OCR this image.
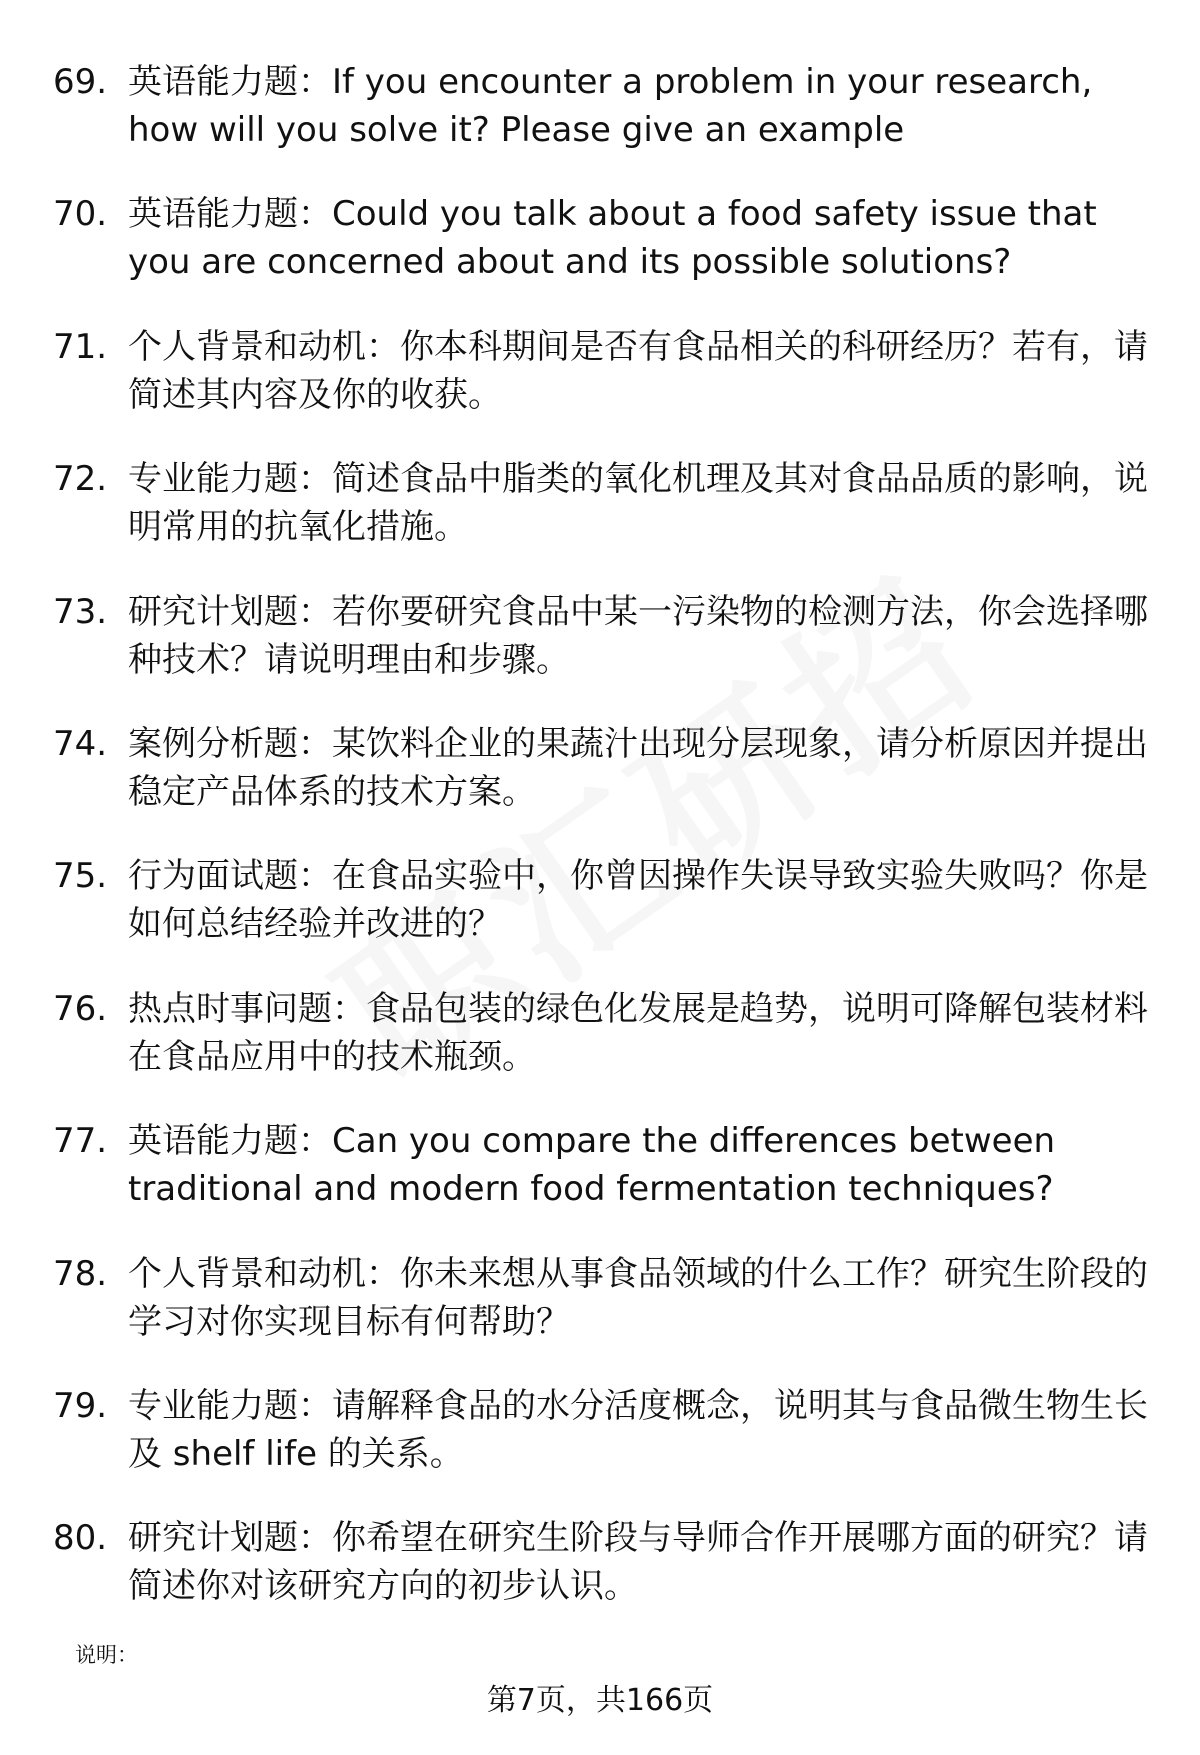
69. 英语能力题：If you encounter a problem in your research, how will you solve it? Please give an example
70. 英语能力题：Could you talk about a food safety issue that you are concerned about and its possible solutions?
71. 个人背景和动机：你本科期间是否有食品相关的科研经历？若有，请简述其内容及你的收获。
72. 专业能力题：简述食品中脂类的氧化机理及其对食品品质的影响，说明常用的抗氧化措施。
73. 研究计划题：若你要研究食品中某一污染物的检测方法，你会选择哪种技术？请说明理由和步骤。
74. 案例分析题：某饮料企业的果蔬汁出现分层现象，请分析原因并提出稳定产品体系的技术方案。
75. 行为面试题：在食品实验中，你曾因操作失误导致实验失败吗？你是如何总结经验并改进的？
76. 热点时事问题：食品包装的绿色化发展是趋势，说明可降解包装材料在食品应用中的技术瓶颈。
77. 英语能力题：Can you compare the differences between traditional and modern food fermentation techniques?
78. 个人背景和动机：你未来想从事食品领域的什么工作？研究生阶段的学习对你实现目标有何帮助？
79. 专业能力题：请解释食品的水分活度概念，说明其与食品微生物生长及 shelf life 的关系。
80. 研究计划题：你希望在研究生阶段与导师合作开展哪方面的研究？请简述你对该研究方向的初步认识。
说明：
第7页，共166页
